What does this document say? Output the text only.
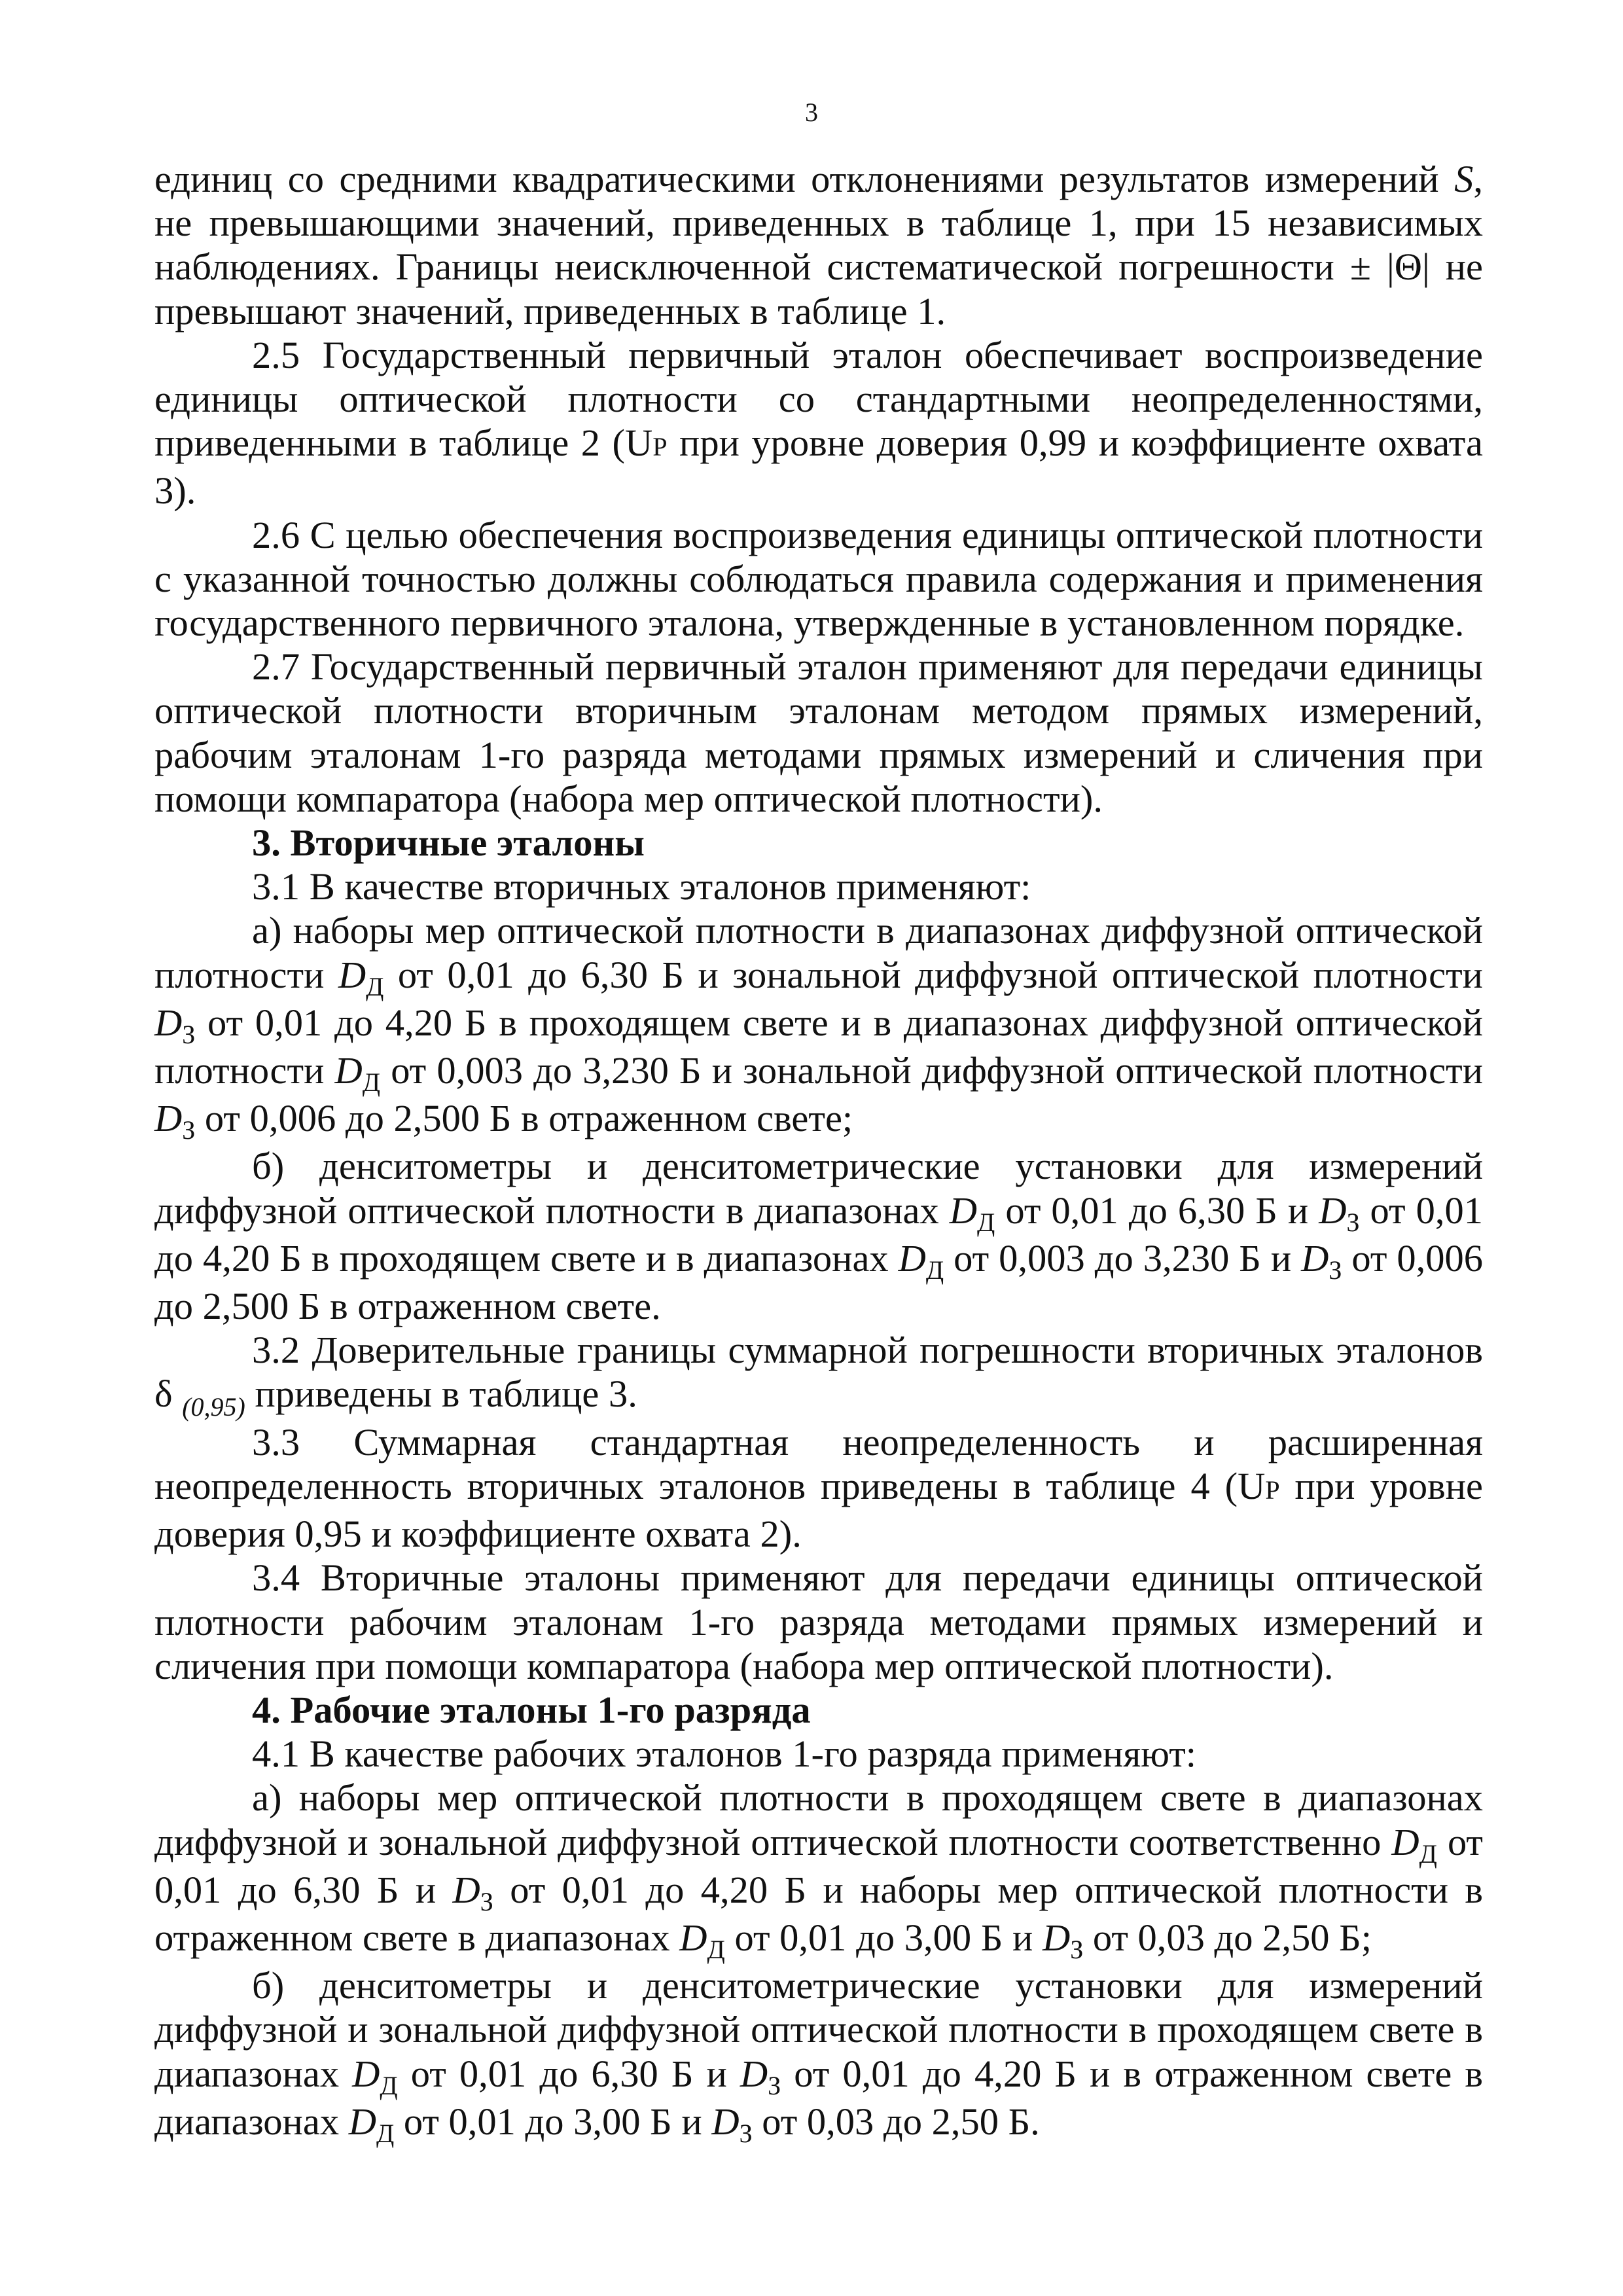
3

единиц со средними квадратическими отклонениями результатов измерений S, не превышающими значений, приведенных в таблице 1, при 15 независимых наблюдениях. Границы неисключенной систематической погрешности ± |Θ| не превышают значений, приведенных в таблице 1.

2.5 Государственный первичный эталон обеспечивает воспроизведение единицы оптической плотности со стандартными неопределенностями, приведенными в таблице 2 (UP при уровне доверия 0,99 и коэффициенте охвата 3).

2.6 С целью обеспечения воспроизведения единицы оптической плотности с указанной точностью должны соблюдаться правила содержания и применения государственного первичного эталона, утвержденные в установленном порядке.

2.7 Государственный первичный эталон применяют для передачи единицы оптической плотности вторичным эталонам методом прямых измерений, рабочим эталонам 1-го разряда методами прямых измерений и сличения при помощи компаратора (набора мер оптической плотности).

3. Вторичные эталоны

3.1 В качестве вторичных эталонов применяют:

а) наборы мер оптической плотности в диапазонах диффузной оптической плотности $D_Д$ от 0,01 до 6,30 Б и зональной диффузной оптической плотности $D_З$ от 0,01 до 4,20 Б в проходящем свете и в диапазонах диффузной оптической плотности $D_Д$ от 0,003 до 3,230 Б и зональной диффузной оптической плотности $D_З$ от 0,006 до 2,500 Б в отраженном свете;

б) денситометры и денситометрические установки для измерений диффузной оптической плотности в диапазонах $D_Д$ от 0,01 до 6,30 Б и $D_З$ от 0,01 до 4,20 Б в проходящем свете и в диапазонах $D_Д$ от 0,003 до 3,230 Б и $D_З$ от 0,006 до 2,500 Б в отраженном свете.

3.2 Доверительные границы суммарной погрешности вторичных эталонов δ $_{(0,95)}$ приведены в таблице 3.

3.3 Суммарная стандартная неопределенность и расширенная неопределенность вторичных эталонов приведены в таблице 4 (UP при уровне доверия 0,95 и коэффициенте охвата 2).

3.4 Вторичные эталоны применяют для передачи единицы оптической плотности рабочим эталонам 1-го разряда методами прямых измерений и сличения при помощи компаратора (набора мер оптической плотности).

4. Рабочие эталоны 1-го разряда

4.1 В качестве рабочих эталонов 1-го разряда применяют:

а) наборы мер оптической плотности в проходящем свете в диапазонах диффузной и зональной диффузной оптической плотности соответственно $D_Д$ от 0,01 до 6,30 Б и $D_З$ от 0,01 до 4,20 Б и наборы мер оптической плотности в отраженном свете в диапазонах $D_Д$ от 0,01 до 3,00 Б и $D_З$ от 0,03 до 2,50 Б;

б) денситометры и денситометрические установки для измерений диффузной и зональной диффузной оптической плотности в проходящем свете в диапазонах $D_Д$ от 0,01 до 6,30 Б и $D_З$ от 0,01 до 4,20 Б и в отраженном свете в диапазонах $D_Д$ от 0,01 до 3,00 Б и $D_З$ от 0,03 до 2,50 Б.
